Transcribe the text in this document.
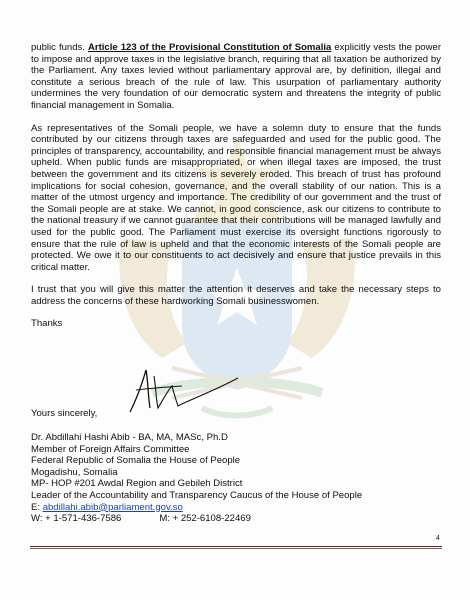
public funds. Article 123 of the Provisional Constitution of Somalia explicitly vests the power to impose and approve taxes in the legislative branch, requiring that all taxation be authorized by the Parliament. Any taxes levied without parliamentary approval are, by definition, illegal and constitute a serious breach of the rule of law. This usurpation of parliamentary authority undermines the very foundation of our democratic system and threatens the integrity of public financial management in Somalia.

As representatives of the Somali people, we have a solemn duty to ensure that the funds contributed by our citizens through taxes are safeguarded and used for the public good. The principles of transparency, accountability, and responsible financial management must be always upheld. When public funds are misappropriated, or when illegal taxes are imposed, the trust between the government and its citizens is severely eroded. This breach of trust has profound implications for social cohesion, governance, and the overall stability of our nation. This is a matter of the utmost urgency and importance. The credibility of our government and the trust of the Somali people are at stake. We cannot, in good conscience, ask our citizens to contribute to the national treasury if we cannot guarantee that their contributions will be managed lawfully and used for the public good. The Parliament must exercise its oversight functions rigorously to ensure that the rule of law is upheld and that the economic interests of the Somali people are protected. We owe it to our constituents to act decisively and ensure that justice prevails in this critical matter.

I trust that you will give this matter the attention it deserves and take the necessary steps to address the concerns of these hardworking Somali businesswomen.

Thanks

Yours sincerely,
Dr. Abdillahi Hashi Abib - BA, MA, MASc, Ph.D
Member of Foreign Affairs Committee
Federal Republic of Somalia the House of People
Mogadishu, Somalia
MP- HOP #201 Awdal Region and Gebileh District
Leader of the Accountability and Transparency Caucus of the House of People
E: abdillahi.abib@parliament.gov.so
W: + 1-571-436-7586	M: + 252-6108-22469
4
